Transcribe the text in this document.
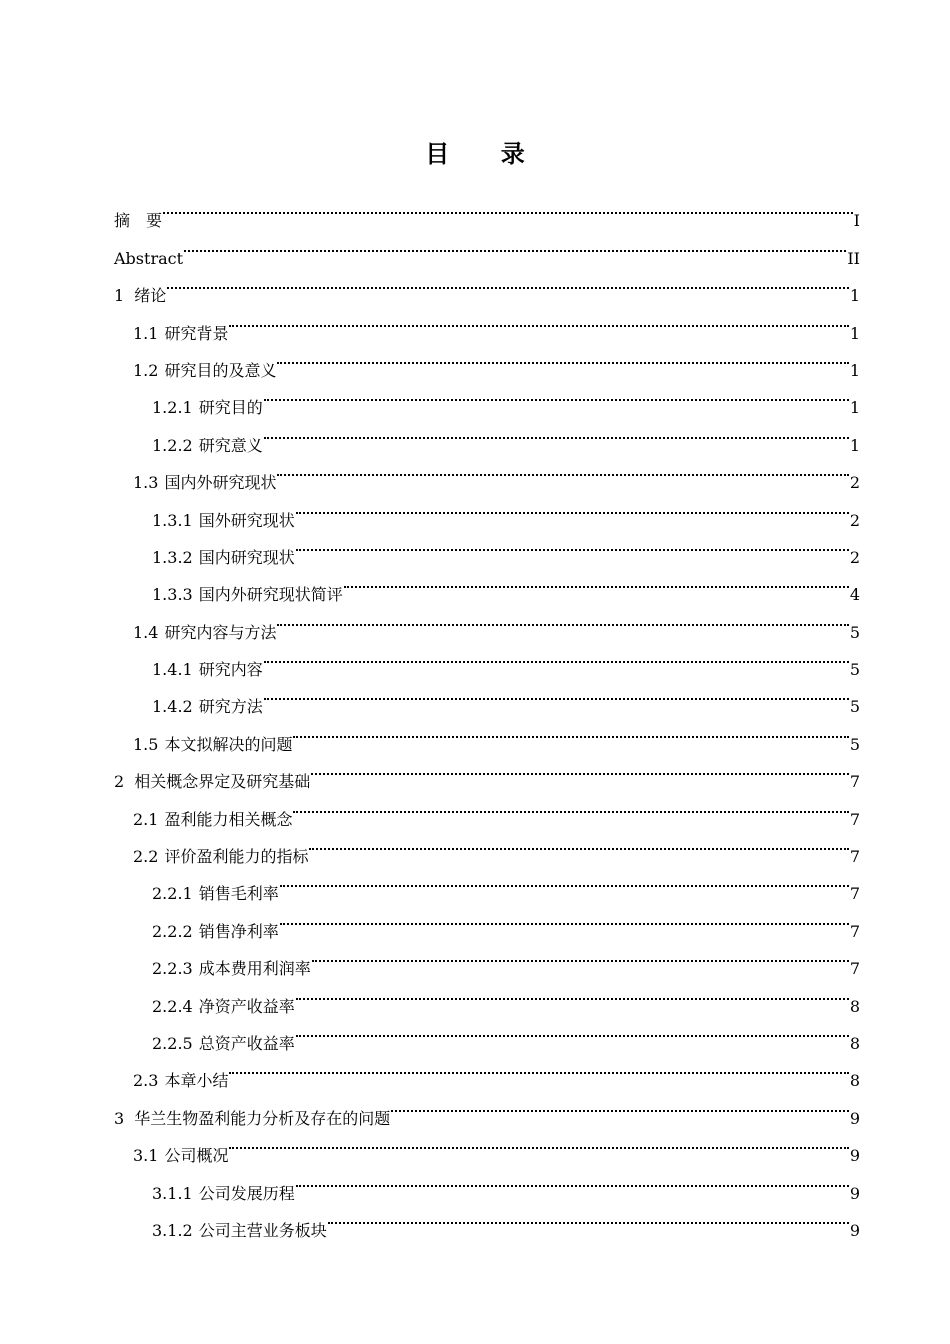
目 录
摘　要	I
Abstract	II
1 绪论	1
1.1 研究背景	1
1.2 研究目的及意义	1
1.2.1 研究目的	1
1.2.2 研究意义	1
1.3 国内外研究现状	2
1.3.1 国外研究现状	2
1.3.2 国内研究现状	2
1.3.3 国内外研究现状简评	4
1.4 研究内容与方法	5
1.4.1 研究内容	5
1.4.2 研究方法	5
1.5 本文拟解决的问题	5
2 相关概念界定及研究基础	7
2.1 盈利能力相关概念	7
2.2 评价盈利能力的指标	7
2.2.1 销售毛利率	7
2.2.2 销售净利率	7
2.2.3 成本费用利润率	7
2.2.4 净资产收益率	8
2.2.5 总资产收益率	8
2.3 本章小结	8
3 华兰生物盈利能力分析及存在的问题	9
3.1 公司概况	9
3.1.1 公司发展历程	9
3.1.2 公司主营业务板块	9
